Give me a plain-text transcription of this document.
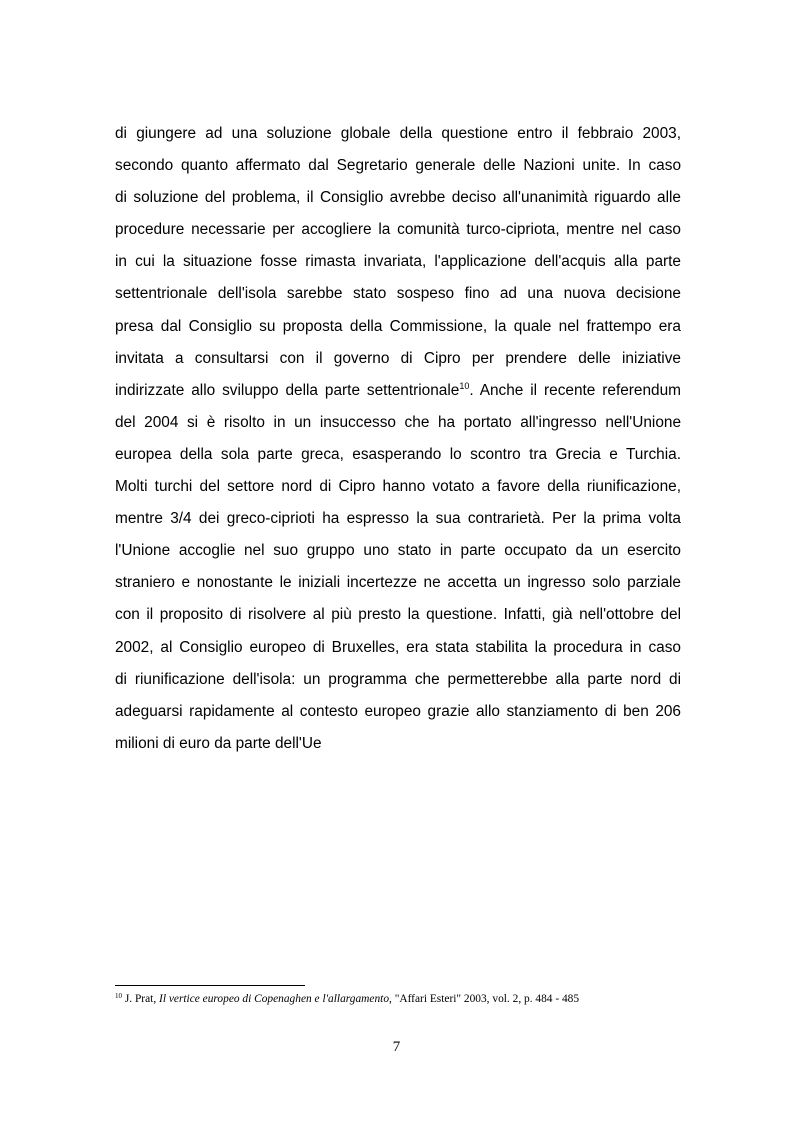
di giungere ad una soluzione globale della questione entro il febbraio 2003,
secondo quanto affermato dal Segretario generale delle Nazioni unite. In caso
di soluzione del problema, il Consiglio avrebbe deciso all'unanimità riguardo alle
procedure necessarie per accogliere la comunità turco-cipriota, mentre nel caso
in cui la situazione fosse rimasta invariata, l'applicazione dell'acquis alla parte
settentrionale dell'isola sarebbe stato sospeso fino ad una nuova decisione
presa dal Consiglio su proposta della Commissione, la quale nel frattempo era
invitata a consultarsi con il governo di Cipro per prendere delle iniziative
indirizzate allo sviluppo della parte settentrionale$^{10}$. Anche il recente referendum
del 2004 si è risolto in un insuccesso che ha portato all'ingresso nell'Unione
europea della sola parte greca, esasperando lo scontro tra Grecia e Turchia.
Molti turchi del settore nord di Cipro hanno votato a favore della riunificazione,
mentre 3/4 dei greco-ciprioti ha espresso la sua contrarietà. Per la prima volta
l'Unione accoglie nel suo gruppo uno stato in parte occupato da un esercito
straniero e nonostante le iniziali incertezze ne accetta un ingresso solo parziale
con il proposito di risolvere al più presto la questione. Infatti, già nell'ottobre del
2002, al Consiglio europeo di Bruxelles, era stata stabilita la procedura in caso
di riunificazione dell'isola: un programma che permetterebbe alla parte nord di
adeguarsi rapidamente al contesto europeo grazie allo stanziamento di ben 206
milioni di euro da parte dell'Ue
$^{10}$ J. Prat, Il vertice europeo di Copenaghen e l'allargamento, "Affari Esteri" 2003, vol. 2, p. 484 - 485
7
